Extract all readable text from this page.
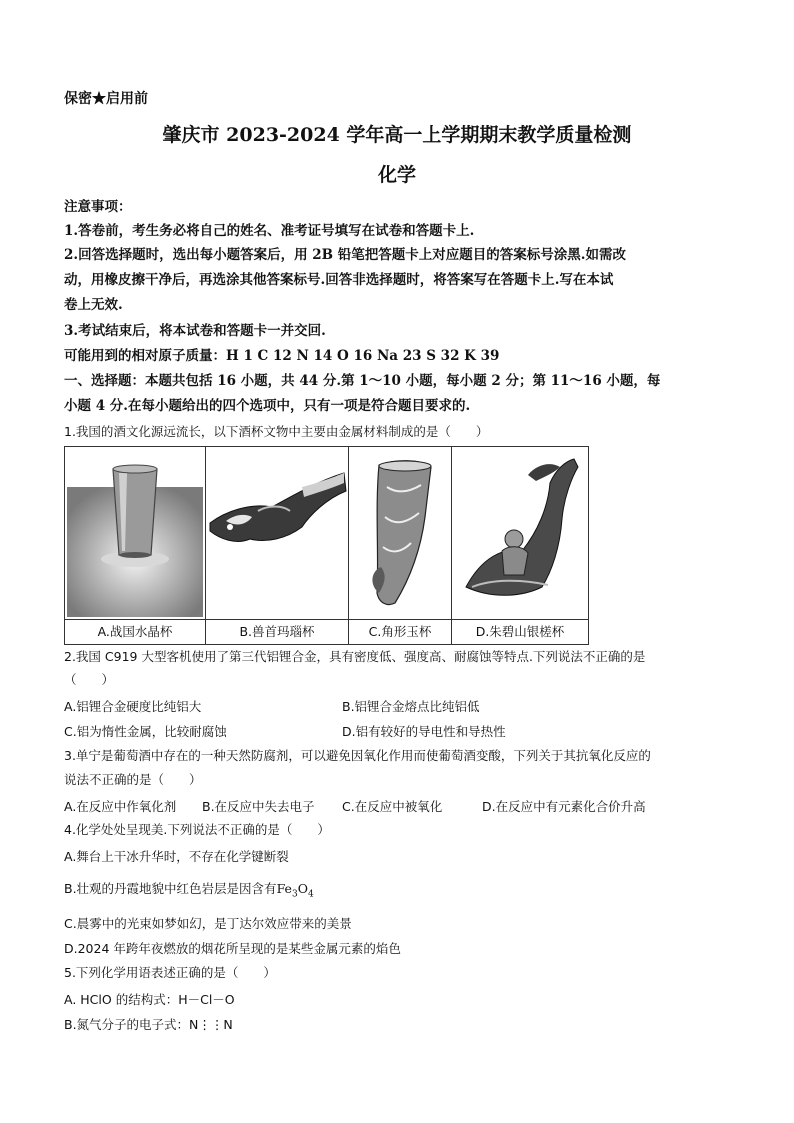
保密★启用前
肇庆市 2023-2024 学年高一上学期期末教学质量检测
化学
注意事项：
1.答卷前，考生务必将自己的姓名、准考证号填写在试卷和答题卡上.
2.回答选择题时，选出每小题答案后，用 2B 铅笔把答题卡上对应题目的答案标号涂黑.如需改
动，用橡皮擦干净后，再选涂其他答案标号.回答非选择题时，将答案写在答题卡上.写在本试
卷上无效.
3.考试结束后，将本试卷和答题卡一并交回.
可能用到的相对原子质量：H 1 C 12 N 14 O 16 Na 23 S 32 K 39
一、选择题：本题共包括 16 小题，共 44 分.第 1～10 小题，每小题 2 分；第 11～16 小题，每
小题 4 分.在每小题给出的四个选项中，只有一项是符合题目要求的.
1.我国的酒文化源远流长，以下酒杯文物中主要由金属材料制成的是（　　）

A.战国水晶杯	B.兽首玛瑙杯	C.角形玉杯	D.朱碧山银槎杯
2.我国 C919 大型客机使用了第三代铝锂合金，具有密度低、强度高、耐腐蚀等特点.下列说法不正确的是
（　　）
A.铝锂合金硬度比纯铝大	B.铝锂合金熔点比纯铝低
C.铝为惰性金属，比较耐腐蚀	D.铝有较好的导电性和导热性
3.单宁是葡萄酒中存在的一种天然防腐剂，可以避免因氧化作用而使葡萄酒变酸，下列关于其抗氧化反应的
说法不正确的是（　　）
A.在反应中作氧化剂 B.在反应中失去电子 C.在反应中被氧化	D.在反应中有元素化合价升高
4.化学处处呈现美.下列说法不正确的是（　　）
A.舞台上干冰升华时，不存在化学键断裂
B.壮观的丹霞地貌中红色岩层是因含有$Fe_3O_4$
C.晨雾中的光束如梦如幻，是丁达尔效应带来的美景
D.2024 年跨年夜燃放的烟花所呈现的是某些金属元素的焰色
5.下列化学用语表述正确的是（　　）
A. HClO 的结构式：H－Cl－O
B.氮气分子的电子式：N⋮⋮N
